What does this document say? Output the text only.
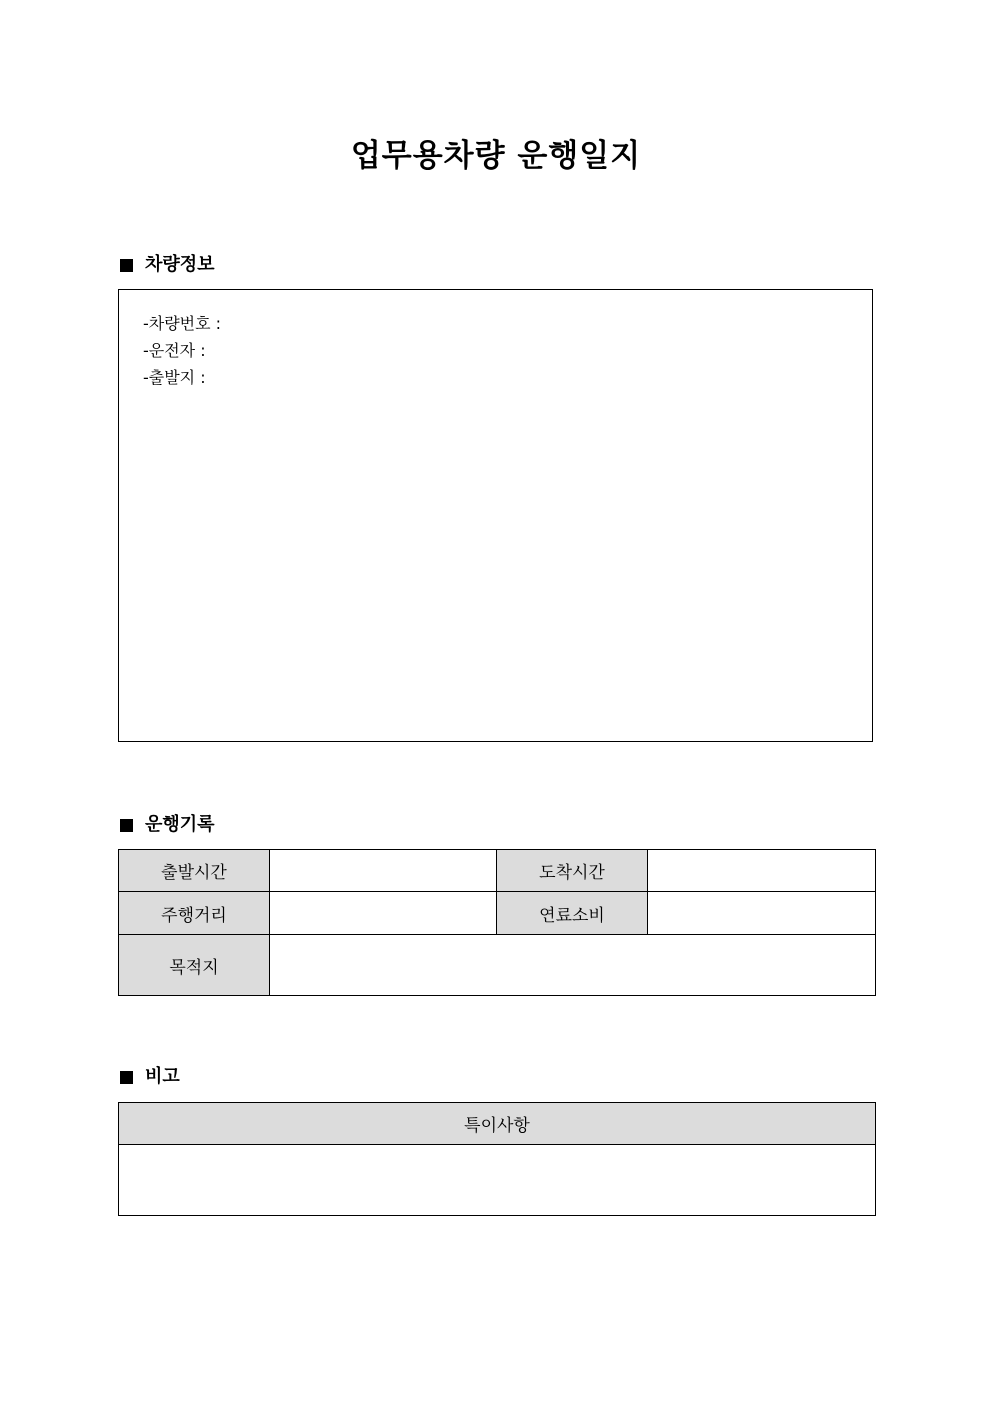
업무용차량 운행일지
차량정보
-차량번호 :
-운전자 :
-출발지 :
운행기록
출발시간		도착시간	
주행거리		연료소비	
목적지			
비고
특이사항
